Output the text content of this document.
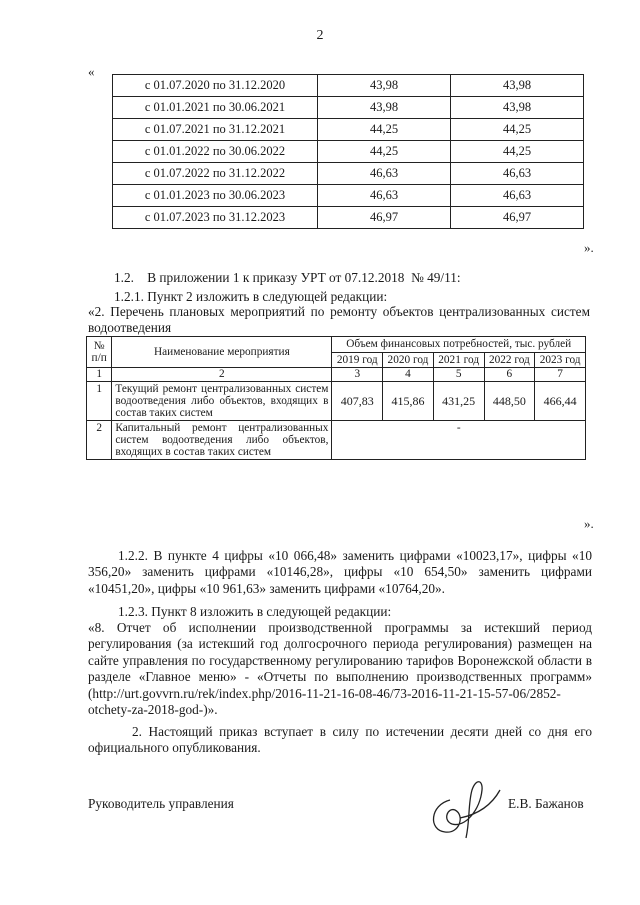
2
«
с 01.07.2020 по 31.12.2020	43,98	43,98
с 01.01.2021 по 30.06.2021	43,98	43,98
с 01.07.2021 по 31.12.2021	44,25	44,25
с 01.01.2022 по 30.06.2022	44,25	44,25
с 01.07.2022 по 31.12.2022	46,63	46,63
с 01.01.2023 по 30.06.2023	46,63	46,63
с 01.07.2023 по 31.12.2023	46,97	46,97
».
1.2.    В приложении 1 к приказу УРТ от 07.12.2018  № 49/11:
1.2.1. Пункт 2 изложить в следующей редакции:
«2. Перечень плановых мероприятий по ремонту объектов централизованных систем водоотведения
№ п/п	Наименование мероприятия	Объем финансовых потребностей, тыс. рублей				
		2019 год	2020 год	2021 год	2022 год	2023 год
1	2	3	4	5	6	7
1	Текущий ремонт централизованных систем водоотведения либо объектов, входящих в состав таких систем	407,83	415,86	431,25	448,50	466,44
2	Капитальный ремонт централизованных систем водоотведения либо объектов, входящих в состав таких систем	-				
».
1.2.2. В пункте 4 цифры «10 066,48» заменить цифрами «10023,17», цифры «10 356,20» заменить цифрами «10146,28», цифры «10 654,50» заменить цифрами «10451,20», цифры «10 961,63» заменить цифрами «10764,20».
1.2.3. Пункт 8 изложить в следующей редакции:
«8. Отчет об исполнении производственной программы за истекший период регулирования (за истекший год долгосрочного периода регулирования) размещен на сайте управления по государственному регулированию тарифов Воронежской области в разделе «Главное меню» - «Отчеты по выполнению производственных программ» (http://urt.govvrn.ru/rek/index.php/2016-11-21-16-08-46/73-2016-11-21-15-57-06/2852-otchety-za-2018-god-)».
2. Настоящий приказ вступает в силу по истечении десяти дней со дня его официального опубликования.
Руководитель управления	Е.В. Бажанов
